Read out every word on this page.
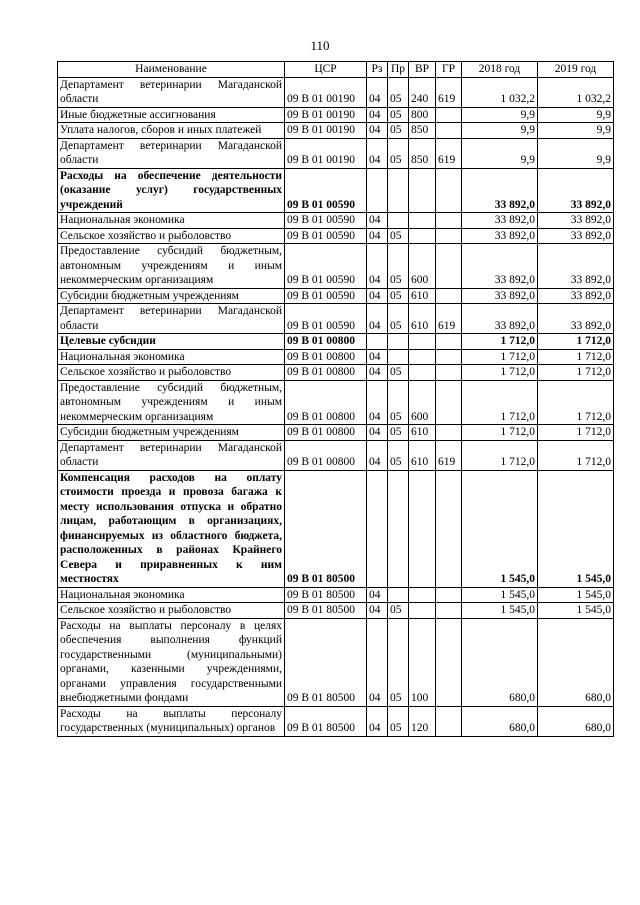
110
Наименование	ЦСР	Рз	Пр	ВР	ГР	2018 год	2019 год
Департамент ветеринарии Магаданской области	09 В 01 00190	04	05	240	619	1 032,2	1 032,2
Иные бюджетные ассигнования	09 В 01 00190	04	05	800		9,9	9,9
Уплата налогов, сборов и иных платежей	09 В 01 00190	04	05	850		9,9	9,9
Департамент ветеринарии Магаданской области	09 В 01 00190	04	05	850	619	9,9	9,9
Расходы на обеспечение деятельности (оказание услуг) государственных учреждений	09 В 01 00590					33 892,0	33 892,0
Национальная экономика	09 В 01 00590	04				33 892,0	33 892,0
Сельское хозяйство и рыболовство	09 В 01 00590	04	05			33 892,0	33 892,0
Предоставление субсидий бюджетным, автономным учреждениям и иным некоммерческим организациям	09 В 01 00590	04	05	600		33 892,0	33 892,0
Субсидии бюджетным учреждениям	09 В 01 00590	04	05	610		33 892,0	33 892,0
Департамент ветеринарии Магаданской области	09 В 01 00590	04	05	610	619	33 892,0	33 892,0
Целевые субсидии	09 В 01 00800					1 712,0	1 712,0
Национальная экономика	09 В 01 00800	04				1 712,0	1 712,0
Сельское хозяйство и рыболовство	09 В 01 00800	04	05			1 712,0	1 712,0
Предоставление субсидий бюджетным, автономным учреждениям и иным некоммерческим организациям	09 В 01 00800	04	05	600		1 712,0	1 712,0
Субсидии бюджетным учреждениям	09 В 01 00800	04	05	610		1 712,0	1 712,0
Департамент ветеринарии Магаданской области	09 В 01 00800	04	05	610	619	1 712,0	1 712,0
Компенсация расходов на оплату стоимости проезда и провоза багажа к месту использования отпуска и обратно лицам, работающим в организациях, финансируемых из областного бюджета, расположенных в районах Крайнего Севера и приравненных к ним местностях	09 В 01 80500					1 545,0	1 545,0
Национальная экономика	09 В 01 80500	04				1 545,0	1 545,0
Сельское хозяйство и рыболовство	09 В 01 80500	04	05			1 545,0	1 545,0
Расходы на выплаты персоналу в целях обеспечения выполнения функций государственными (муниципальными) органами, казенными учреждениями, органами управления государственными внебюджетными фондами	09 В 01 80500	04	05	100		680,0	680,0
Расходы на выплаты персоналу государственных (муниципальных) органов	09 В 01 80500	04	05	120		680,0	680,0
